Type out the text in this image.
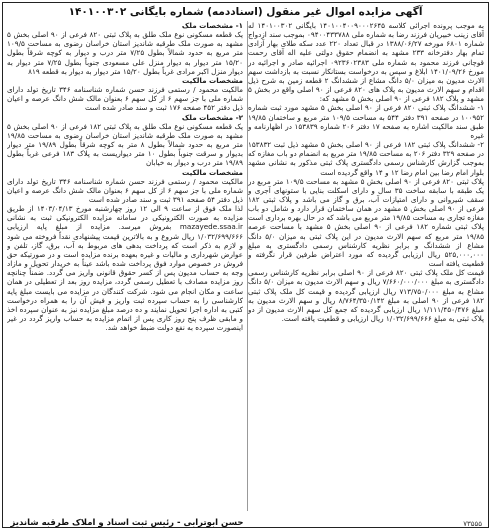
آگهی مزایده اموال غیر منقول (اسناددمه) شماره بایگانی ۱۴۰۱۰۰۳۰۲

به موجب پرونده اجرائی کلاسه ۱۴۰۱۰۰۴۰۰۹۰۰۰۲۶۴۵ بایگانی ۱۴۰۱۰۰۳۰۲ له آقای زینب خبیریان فرزند رضا به شماره ملی ۰۹۴۰۰۴۳۳۷۸۸ بموجب سند ازدواج شماره ۶۸۰۱ مورخه ۱۳۸۸/۰۶/۲۷ در قبال تعداد ۲۲۰ عدد سکه طلای بهار آزادی تمام بهار دفترخانه ۲۳۳ مشهد به انضمام حقوق دولتی علیه اله آقای رحمت قوچانی فرزند محمود به شماره ملی ۰۹۲۳۶۰۲۳۸۳ اجرائیه صادر و اجرائیه در مورخ ۱۴۰۱/۰۹/۲۶ ابلاغ و سپس به درخواست بستانکار نسبت به بازداشت سهم الارث مدیون به میزان ۵/۰ دانگ مشاع از ششدانگ ۲ قطعه زمین به شرح ذیل اقدام و سهم الارث مدیون به پلاک های ۸۲۰ فرعی از ۹۰ اصلی واقع در بخش ۵ مشهد و پلاک ۱۸۲ فرعی از ۹۰ اصلی بخش ۵ مشهد که:

۱- ششدانگ پلاک ثبتی ۸۲۰ فرعی از ۹۰ اصلی بخش ۵ مشهد مورد ثبت شماره ۱۰۰۹۵۲ در صفحه ۳۹۱ دفتر ۵۴۴ به مساحت ۱۰۹/۵ متر مربع و ساختمان ۱۹/۸۵ طبق سند مالکیت اشاره به صفحه ۱۷ دفتر ۲۰۶ شماره ۱۵۳۸۳۹ در اظهارنامه و غیره

۲- ششدانگ پلاک ثبتی ۱۸۲ فرعی از ۹۰ اصلی بخش ۵ مشهد ذیل ثبت ۱۵۳۸۳۲ در صفحه ۳۲۹ دفتر ۲۰۶ به مساحت ۱۹/۸۵ متر مربع به انضمام دو باب مغازه که بموجب گزارش کارشناس رسمی دادگستری پلاک ثبتی مذکور به نشانی مشهد بلوار امام رضا بین امام رضا ۱۲ و ۱۴ واقع گردیده است

پلاک ثبتی ۸۲۰ فرعی از ۹۰ اصلی بخش ۵ مشهد به مساحت ۱۰۹/۵ متر مربع در یک طبقه با سابقه ساخت ۳۵ سال و دارای اسکلت بنایی با ستونهای آجری و سقف شیروانی و دارای امتیازات آب، برق و گاز می باشد و پلاک ثبتی ۱۸۲ فرعی از ۹۰ اصلی بخش ۵ مشهد در همان ساختمان قرار دارد و شامل دو باب مغازه تجاری به مساحت ۱۹/۸۵ متر مربع می باشد که در حال بهره برداری است

پلاک ثبتی شماره ۱۸۲ فرعی از ۹۰ اصلی بخش ۵ مشهد با مساحت عرصه ۱۹/۸۵ متر مربع که سهم الارث مدیون در این پلاک ثبتی به میزان ۵/۰ دانگ مشاع از ششدانگ و برابر نظریه کارشناس رسمی دادگستری به مبلغ ۵۲۵,۰۰۰,۰۰۰ ریال ارزیابی گردیده که مورد اعتراض طرفین قرار نگرفته و قطعیت یافته است

قیمت کل ملک پلاک ثبتی ۸۲۰ فرعی از ۹۰ اصلی برابر نظریه کارشناس رسمی دادگستری به مبلغ ۷/۶۶۰/۰۰۰/۰۰۰ ریال و سهم الارث مدیون به میزان ۵/۰ دانگ مشاع به مبلغ ۷۱۳/۷۵۰/۰۰۰ ریال ارزیابی گردیده و قیمت کل ملک پلاک ثبتی ۱۸۲ فرعی از ۹۰ اصلی به مبلغ ۸/۷۶۴/۳۵۰/۱۴۲ ریال و سهم الارث مدیون به مبلغ ۱/۱۱۱/۴۵۰/۴۷۶ ریال ارزیابی گردیده که جمع کل سهم الارث مدیون از دو پلاک ثبتی به مبلغ ۱/۰۳۲/۶۹۹/۶۶۶ ریال ارزیابی و قطعیت یافته است.

۱- مشخصات ملک

یک قطعه مسکونی نوع ملک طلق به پلاک ثبتی ۸۲۰ فرعی از ۹۰ اصلی بخش ۵ مشهد به صورت ملک طرقبه شاندیز استان خراسان رضوی به مساحت ۱۰۹/۵ متر مربع به حدود شمالاً بطول ۷/۲۵ متر درب و دیوار به کوچه شرقاً بطول ۱۵/۲۰ متر دیوار به دیوار منزل علی مسعودی جنوباً بطول ۷/۲۵ متر دیوار به دیوار منزل اکبر مرادی غرباً بطول ۱۵/۲۰ متر دیوار به دیوار به قطعه ۸۱۹

مشخصات مالکیت

مالکیت محمود / رستمی فرزند حسن شماره شناسنامه ۳۴۶ تاریخ تولد دارای شماره ملی با جز سهم ۶ از کل سهم ۶ بعنوان مالک شش دانگ عرصه و اعیان ذیل دفتر ۴۵۲ صفحه ۱۷۶ ثبت و سند صادر شده است

۲- مشخصات ملک

یک قطعه مسکونی نوع ملک طلق به پلاک ثبتی ۱۸۲ فرعی از ۹۰ اصلی بخش ۵ مشهد به صورت ملک طرقبه شاندیز استان خراسان رضوی به مساحت ۱۹/۸۵ متر مربع به حدود شمالاً بطول ۸ متر به کوچه شرقاً بطول ۱۹/۸۹ متر دیوار بدیوار و سرقت جنوباً بطول ۱۰ متر دیواریست به پلاک ۱۸۳ فرعی غرباً بطول ۱۹/۸۹ متر درب و دیوار به خیابان

مشخصات مالکیت

مالکیت محمود / رستمی فرزند حسن شماره شناسنامه ۳۴۶ تاریخ تولد دارای شماره ملی با جز سهم ۶ از کل سهم ۶ بعنوان مالک شش دانگ عرصه و اعیان ذیل دفتر ۵۴ صفحه ۳۹۱ ثبت و سند صادر شده است

لذا ملک فوق از ساعت ۹ الی ۱۲ روز چهارشنبه مورخ ۱۴۰۳/۰۴/۱۳ از طریق مزایده به صورت الکترونیکی در سامانه مزایده الکترونیکی ثبت به نشانی mazayede.ssaa.ir بفروش میرسد. مزایده از مبلغ پایه ارزیابی ۱/۰۳۲/۶۹۹/۶۶۶ ریال شروع و به بالاترین قیمت پیشنهادی نقداً فروخته می شود و لازم به ذکر است که پرداخت بدهی های مربوط به آب، برق، گاز، تلفن و عوارض شهرداری و مالیات و غیره بعهده برنده مزایده است و در صورتیکه حق فروش در خصوص موارد فوق پرداخت شده باشد عیناً به خریدار تحویل و مازاد وجه به حساب مدیون پس از کسر حقوق قانونی واریز می گردد. ضمناً چنانچه روز مزایده مصادف با تعطیل رسمی گردد، مزایده روز بعد از تعطیلی در همان ساعت و مکان انجام می شود. شرکت کنندگان در مزایده می بایست مبلغ پایه کارشناسی را به حساب سپرده ثبت واریز و فیش آن را به همراه درخواست کتبی به اداره اجرا تحویل نمایند و ده درصد مبلغ مزایده نیز به عنوان سپرده اخذ و مابقی ظرف پنج روز کاری پس از اتمام مزایده به حساب واریز گردد در غیر اینصورت سپرده به نفع دولت ضبط خواهد شد.

حسن ابوترابی - رئیس ثبت اسناد و املاک طرقبه شاندیز	۷۳۵۵۵
